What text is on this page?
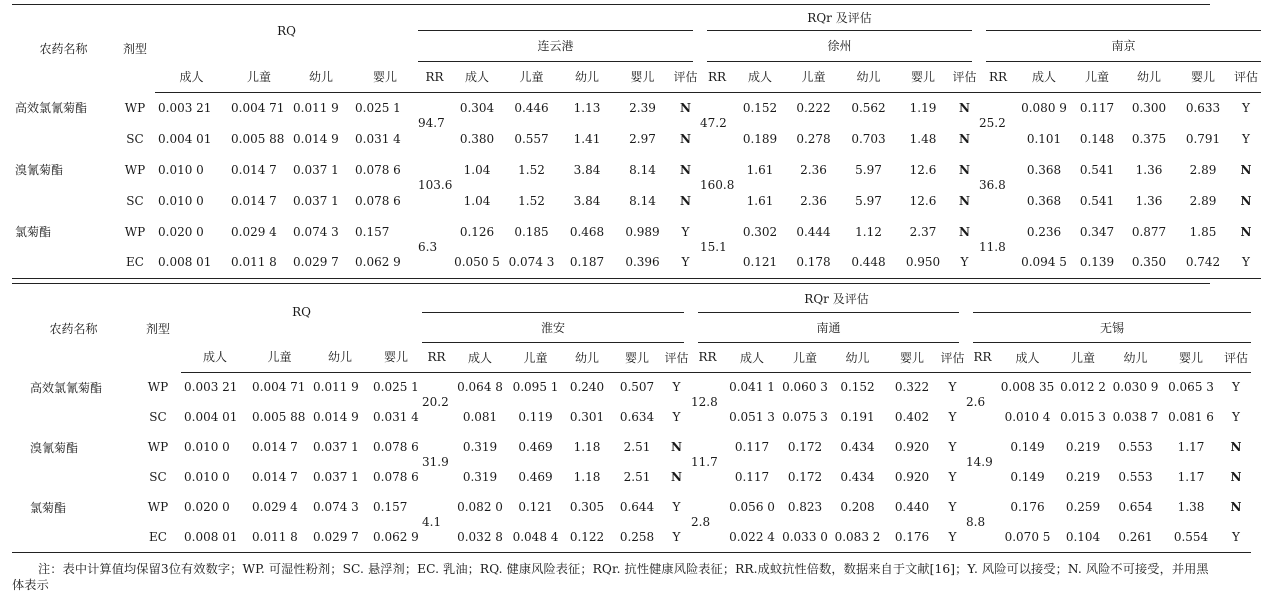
农药名称	剂型	RQ				RQr 及评估																	
						连云港						徐州						南京					
		成人	儿童	幼儿	婴儿	RR	成人	儿童	幼儿	婴儿	评估	RR	成人	儿童	幼儿	婴儿	评估	RR	成人	儿童	幼儿	婴儿	评估
高效氯氰菊酯	WP	0.003 21	0.004 71	0.011 9	0.025 1	94.7	0.304	0.446	1.13	2.39	N	47.2	0.152	0.222	0.562	1.19	N	25.2	0.080 9	0.117	0.300	0.633	Y
	SC	0.004 01	0.005 88	0.014 9	0.031 4		0.380	0.557	1.41	2.97	N		0.189	0.278	0.703	1.48	N		0.101	0.148	0.375	0.791	Y
溴氰菊酯	WP	0.010 0	0.014 7	0.037 1	0.078 6	103.6	1.04	1.52	3.84	8.14	N	160.8	1.61	2.36	5.97	12.6	N	36.8	0.368	0.541	1.36	2.89	N
	SC	0.010 0	0.014 7	0.037 1	0.078 6		1.04	1.52	3.84	8.14	N		1.61	2.36	5.97	12.6	N		0.368	0.541	1.36	2.89	N
氯菊酯	WP	0.020 0	0.029 4	0.074 3	0.157	6.3	0.126	0.185	0.468	0.989	Y	15.1	0.302	0.444	1.12	2.37	N	11.8	0.236	0.347	0.877	1.85	N
	EC	0.008 01	0.011 8	0.029 7	0.062 9		0.050 5	0.074 3	0.187	0.396	Y		0.121	0.178	0.448	0.950	Y		0.094 5	0.139	0.350	0.742	Y
农药名称	剂型	RQ				RQr 及评估																	
						淮安						南通						无锡					
		成人	儿童	幼儿	婴儿	RR	成人	儿童	幼儿	婴儿	评估	RR	成人	儿童	幼儿	婴儿	评估	RR	成人	儿童	幼儿	婴儿	评估
高效氯氰菊酯	WP	0.003 21	0.004 71	0.011 9	0.025 1	20.2	0.064 8	0.095 1	0.240	0.507	Y	12.8	0.041 1	0.060 3	0.152	0.322	Y	2.6	0.008 35	0.012 2	0.030 9	0.065 3	Y
	SC	0.004 01	0.005 88	0.014 9	0.031 4		0.081	0.119	0.301	0.634	Y		0.051 3	0.075 3	0.191	0.402	Y		0.010 4	0.015 3	0.038 7	0.081 6	Y
溴氰菊酯	WP	0.010 0	0.014 7	0.037 1	0.078 6	31.9	0.319	0.469	1.18	2.51	N	11.7	0.117	0.172	0.434	0.920	Y	14.9	0.149	0.219	0.553	1.17	N
	SC	0.010 0	0.014 7	0.037 1	0.078 6		0.319	0.469	1.18	2.51	N		0.117	0.172	0.434	0.920	Y		0.149	0.219	0.553	1.17	N
氯菊酯	WP	0.020 0	0.029 4	0.074 3	0.157	4.1	0.082 0	0.121	0.305	0.644	Y	2.8	0.056 0	0.823	0.208	0.440	Y	8.8	0.176	0.259	0.654	1.38	N
	EC	0.008 01	0.011 8	0.029 7	0.062 9		0.032 8	0.048 4	0.122	0.258	Y		0.022 4	0.033 0	0.083 2	0.176	Y		0.070 5	0.104	0.261	0.554	Y
注：表中计算值均保留3位有效数字；WP. 可湿性粉剂；SC. 悬浮剂；EC. 乳油；RQ. 健康风险表征；RQr. 抗性健康风险表征；RR.成蚊抗性倍数，数据来自于文献[16]；Y. 风险可以接受；N. 风险不可接受，并用黑体表示
